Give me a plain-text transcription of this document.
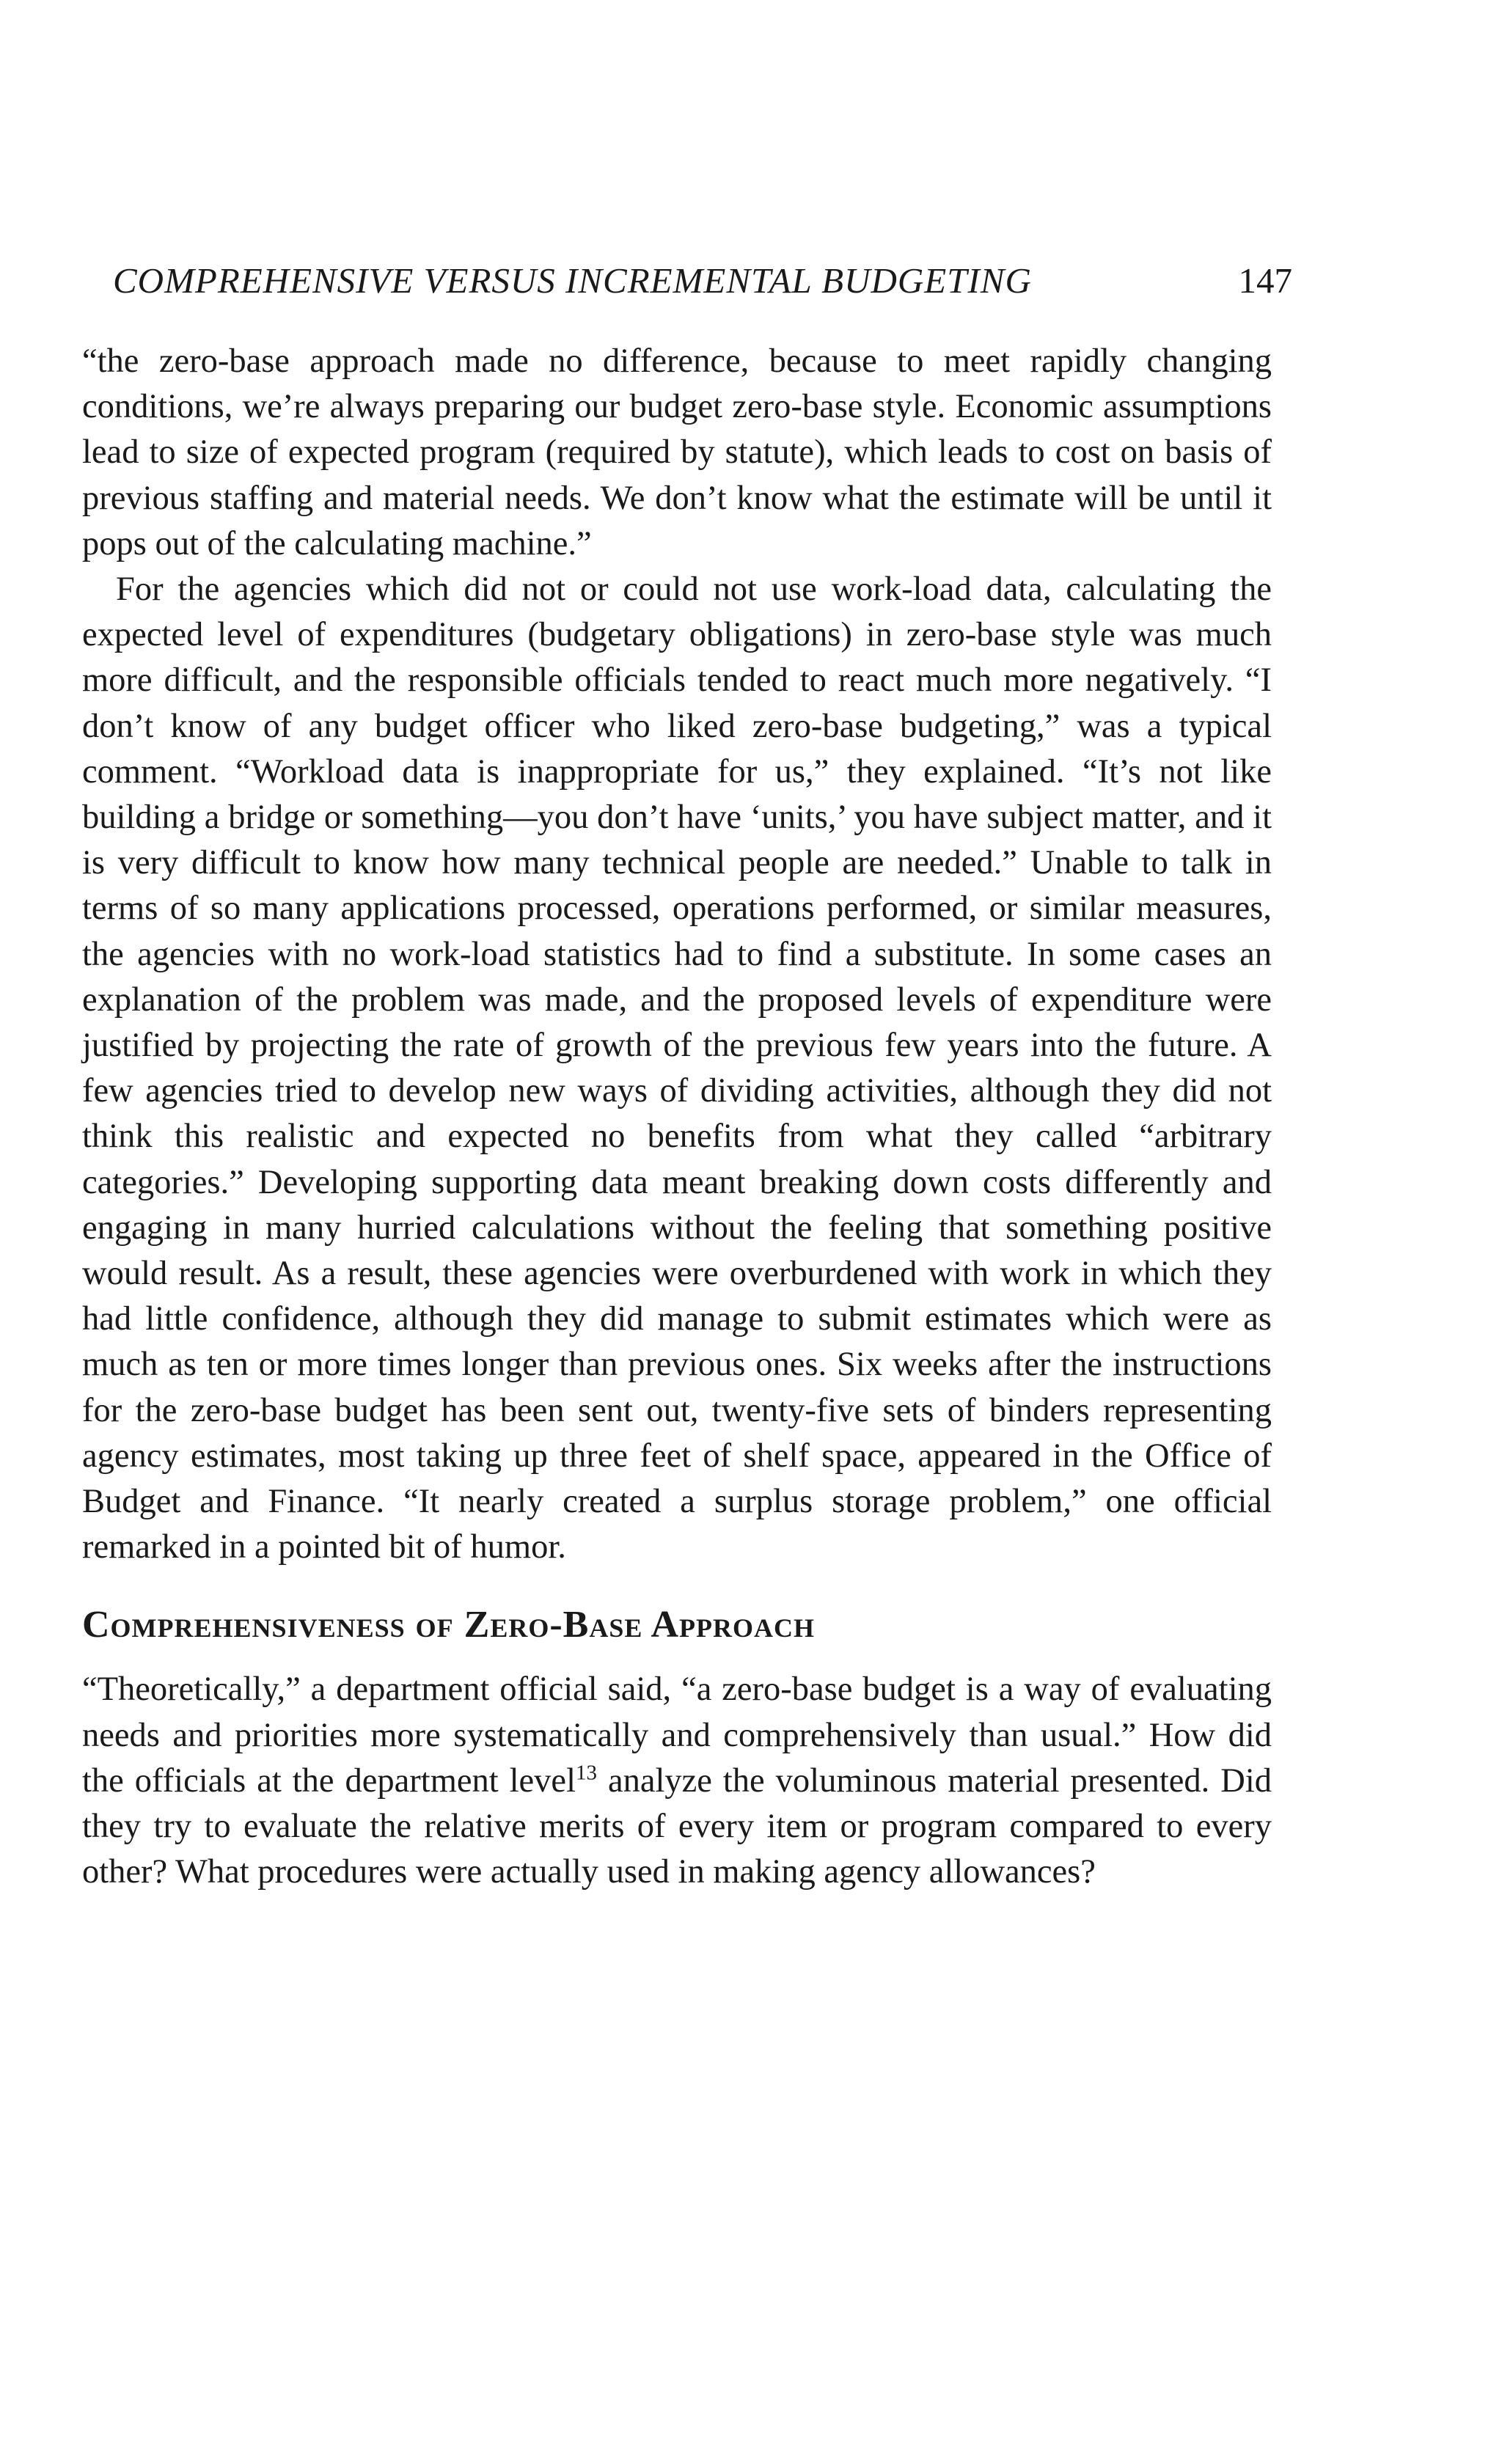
COMPREHENSIVE VERSUS INCREMENTAL BUDGETING	147

“the zero-base approach made no difference, because to meet rapidly changing conditions, we’re always preparing our budget zero-base style. Economic assumptions lead to size of expected program (required by statute), which leads to cost on basis of previous staffing and material needs. We don’t know what the estimate will be until it pops out of the calculating machine.”

For the agencies which did not or could not use work-load data, calculating the expected level of expenditures (budgetary obligations) in zero-base style was much more difficult, and the responsible officials tended to react much more negatively. “I don’t know of any budget officer who liked zero-base budgeting,” was a typical comment. “Workload data is inappropriate for us,” they explained. “It’s not like building a bridge or something—you don’t have ‘units,’ you have subject matter, and it is very difficult to know how many technical people are needed.” Unable to talk in terms of so many applications processed, operations performed, or similar measures, the agencies with no work-load statistics had to find a substitute. In some cases an explanation of the problem was made, and the proposed levels of expenditure were justified by projecting the rate of growth of the previous few years into the future. A few agencies tried to develop new ways of dividing activities, although they did not think this realistic and expected no benefits from what they called “arbitrary categories.” Developing supporting data meant breaking down costs differently and engaging in many hurried calculations without the feeling that something positive would result. As a result, these agencies were overburdened with work in which they had little confidence, although they did manage to submit estimates which were as much as ten or more times longer than previous ones. Six weeks after the instructions for the zero-base budget has been sent out, twenty-five sets of binders representing agency estimates, most taking up three feet of shelf space, appeared in the Office of Budget and Finance. “It nearly created a surplus storage problem,” one official remarked in a pointed bit of humor.

Comprehensiveness of Zero-Base Approach

“Theoretically,” a department official said, “a zero-base budget is a way of evaluating needs and priorities more systematically and comprehensively than usual.” How did the officials at the department level$^{13}$ analyze the voluminous material presented. Did they try to evaluate the relative merits of every item or program compared to every other? What procedures were actually used in making agency allowances?
